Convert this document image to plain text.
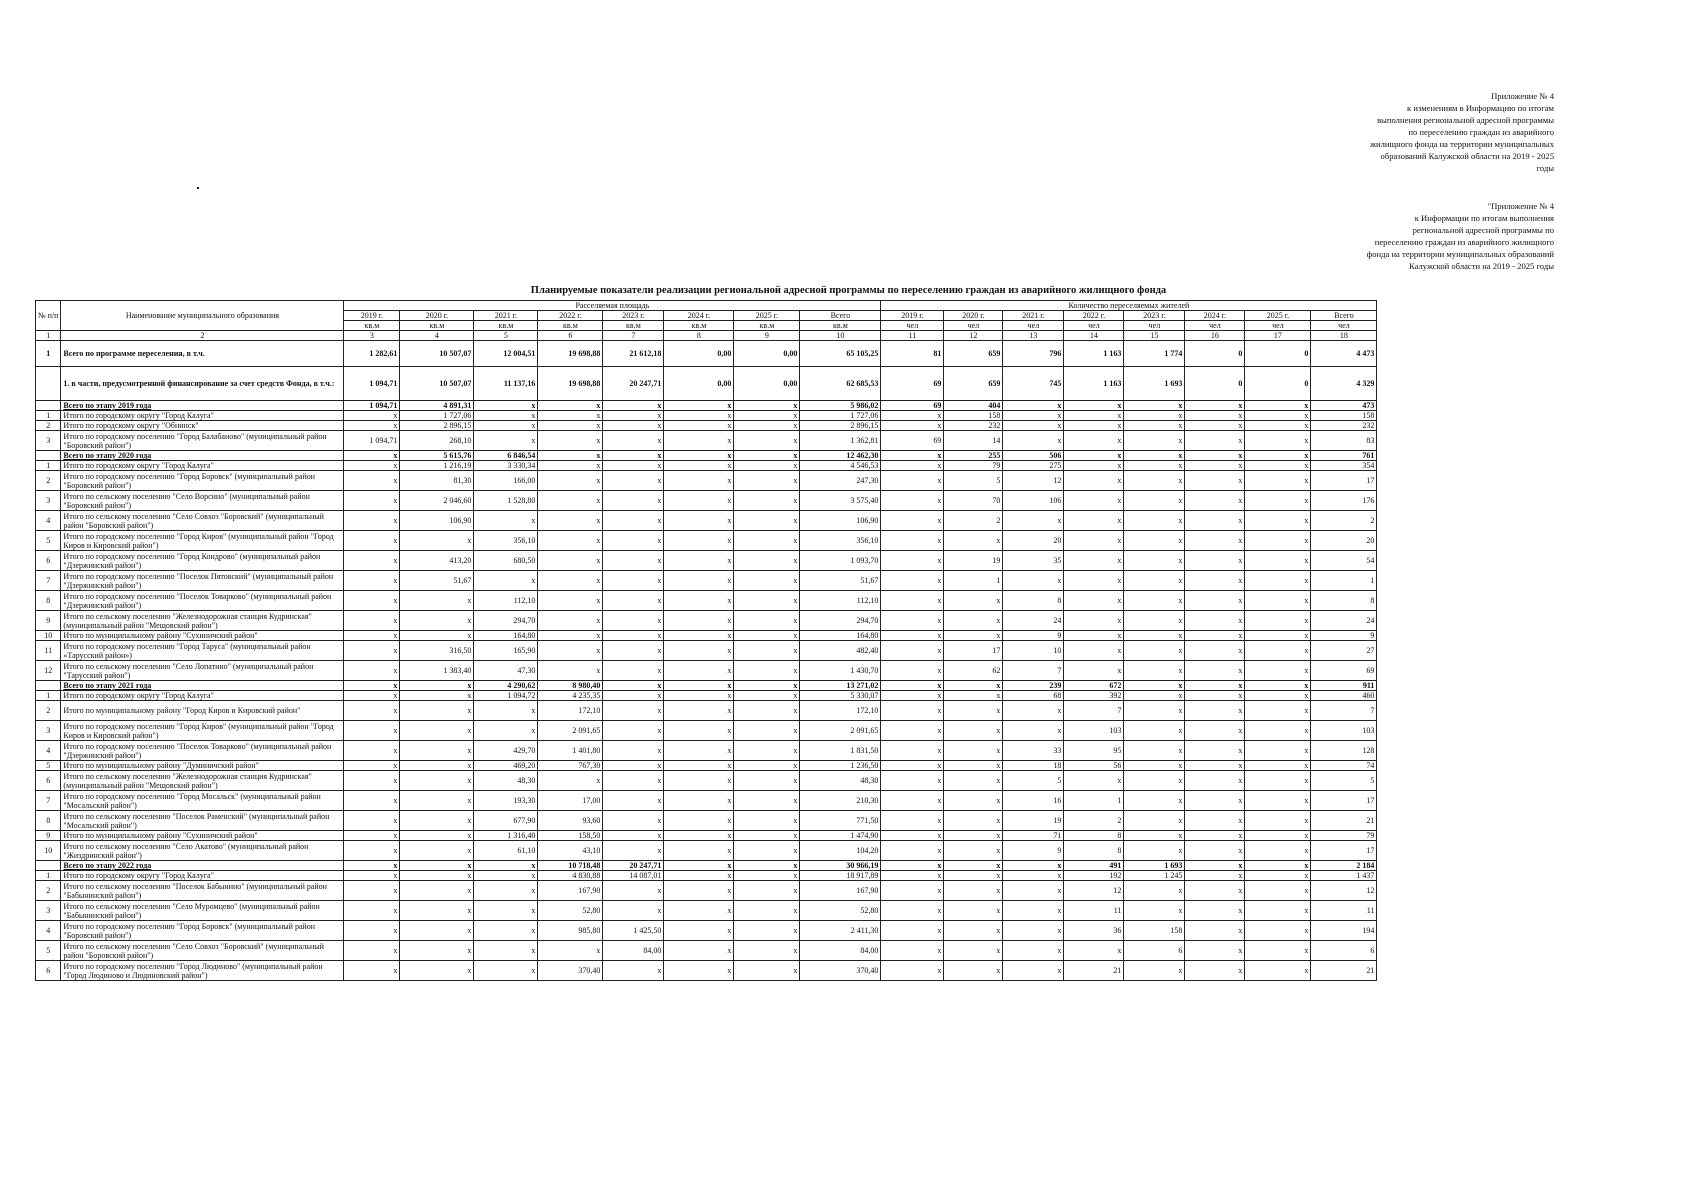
Приложение № 4
к изменениям в Информацию по итогам
выполнения региональной адресной программы
по переселению граждан из аварийного
жилищного фонда на территории муниципальных
образований Калужской области на 2019 - 2025
годы
"Приложение № 4
к Информации по итогам выполнения
региональной адресной программы по
переселению граждан из аварийного жилищного
фонда на территории муниципальных образований
Калужской области на 2019 - 2025 годы
Планируемые показатели реализации региональной адресной программы по переселению граждан из аварийного жилищного фонда
№ п/п	Наименование муниципального образования	Расселяемая площадь								Количество переселяемых жителей							
		2019 г.	2020 г.	2021 г.	2022 г.	2023 г.	2024 г.	2025 г.	Всего	2019 г.	2020 г.	2021 г.	2022 г.	2023 г.	2024 г.	2025 г.	Всего
		кв.м	кв.м	кв.м	кв.м	кв.м	кв.м	кв.м	кв.м	чел	чел	чел	чел	чел	чел	чел	чел
1	2	3	4	5	6	7	8	9	10	11	12	13	14	15	16	17	18
1	Всего по программе переселения, в т.ч.	1 282,61	10 507,07	12 004,51	19 698,88	21 612,18	0,00	0,00	65 105,25	81	659	796	1 163	1 774	0	0	4 473
	1. в части, предусмотренной финансирование за счет средств Фонда, в т.ч.:	1 094,71	10 507,07	11 137,16	19 698,88	20 247,71	0,00	0,00	62 685,53	69	659	745	1 163	1 693	0	0	4 329
	Всего по этапу 2019 года	1 094,71	4 891,31	x	x	x	x	x	5 986,02	69	404	x	x	x	x	x	473
1	Итого по городскому округу "Город Калуга"	x	1 727,06	x	x	x	x	x	1 727,06	x	158	x	x	x	x	x	158
2	Итого по городскому округу "Обнинск"	x	2 896,15	x	x	x	x	x	2 896,15	x	232	x	x	x	x	x	232
3	Итого по городскому поселению "Город Балабаново" (муниципальный район "Боровский район")	1 094,71	268,10	x	x	x	x	x	1 362,81	69	14	x	x	x	x	x	83
	Всего по этапу 2020 года	x	5 615,76	6 846,54	x	x	x	x	12 462,30	x	255	506	x	x	x	x	761
1	Итого по городскому округу "Город Калуга"	x	1 216,19	3 330,34	x	x	x	x	4 546,53	x	79	275	x	x	x	x	354
2	Итого по городскому поселению "Город Боровск" (муниципальный район "Боровский район")	x	81,30	166,00	x	x	x	x	247,30	x	5	12	x	x	x	x	17
3	Итого по сельскому поселению "Село Ворсино" (муниципальный район "Боровский район")	x	2 046,60	1 528,80	x	x	x	x	3 575,40	x	70	106	x	x	x	x	176
4	Итого по сельскому поселению "Село Совхоз "Боровский" (муниципальный район "Боровский район")	x	106,90	x	x	x	x	x	106,90	x	2	x	x	x	x	x	2
5	Итого по городскому поселению "Город Киров" (муниципальный район "Город Киров и Кировский район")	x	x	356,10	x	x	x	x	356,10	x	x	20	x	x	x	x	20
6	Итого по городскому поселению "Город Кондрово" (муниципальный район "Дзержинский район")	x	413,20	680,50	x	x	x	x	1 093,70	x	19	35	x	x	x	x	54
7	Итого по городскому поселению "Поселок Пятовский" (муниципальный район "Дзержинский район")	x	51,67	x	x	x	x	x	51,67	x	1	x	x	x	x	x	1
8	Итого по городскому поселению "Поселок Товарково" (муниципальный район "Дзержинский район")	x	x	112,10	x	x	x	x	112,10	x	x	8	x	x	x	x	8
9	Итого по сельскому поселению "Железнодорожная станция Кудринская" (муниципальный район "Мещовский район")	x	x	294,70	x	x	x	x	294,70	x	x	24	x	x	x	x	24
10	Итого по муниципальному району "Сухиничский район"	x	x	164,80	x	x	x	x	164,80	x	x	9	x	x	x	x	9
11	Итого по городскому поселению "Город Таруса" (муниципальный район «Тарусский район»)	x	316,50	165,90	x	x	x	x	482,40	x	17	10	x	x	x	x	27
12	Итого по сельскому поселению "Село Лопатино" (муниципальный район "Тарусский район")	x	1 383,40	47,30	x	x	x	x	1 430,70	x	62	7	x	x	x	x	69
	Всего по этапу 2021 года	x	x	4 290,62	8 980,40	x	x	x	13 271,02	x	x	239	672	x	x	x	911
1	Итого по городскому округу "Город Калуга"	x	x	1 094,72	4 235,35	x	x	x	5 330,07	x	x	68	392	x	x	x	460
2	Итого по муниципальному району "Город Киров и Кировский район"	x	x	x	172,10	x	x	x	172,10	x	x	x	7	x	x	x	7
3	Итого по городскому поселению "Город Киров" (муниципальный район "Город Киров и Кировский район")	x	x	x	2 091,65	x	x	x	2 091,65	x	x	x	103	x	x	x	103
4	Итого по городскому поселению "Поселок Товарково" (муниципальный район "Дзержинский район")	x	x	429,70	1 401,80	x	x	x	1 831,50	x	x	33	95	x	x	x	128
5	Итого по муниципальному району "Думиничский район"	x	x	469,20	767,30	x	x	x	1 236,50	x	x	18	56	x	x	x	74
6	Итого по сельскому поселению "Железнодорожная станция Кудринская" (муниципальный район "Мещовский район")	x	x	48,30	x	x	x	x	48,30	x	x	5	x	x	x	x	5
7	Итого по городскому поселению "Город Мосальск" (муниципальный район "Мосальский район")	x	x	193,30	17,00	x	x	x	210,30	x	x	16	1	x	x	x	17
8	Итого по сельскому поселению "Поселок Раменский" (муниципальный район "Мосальский район")	x	x	677,90	93,60	x	x	x	771,50	x	x	19	2	x	x	x	21
9	Итого по муниципальному району "Сухиничский район"	x	x	1 316,40	158,50	x	x	x	1 474,90	x	x	71	8	x	x	x	79
10	Итого по сельскому поселению "Село Акатово" (муниципальный район "Жиздринский район")	x	x	61,10	43,10	x	x	x	104,20	x	x	9	8	x	x	x	17
	Всего по этапу 2022 года	x	x	x	10 718,48	20 247,71	x	x	30 966,19	x	x	x	491	1 693	x	x	2 184
1	Итого по городскому округу "Город Калуга"	x	x	x	4 830,88	14 087,01	x	x	18 917,89	x	x	x	192	1 245	x	x	1 437
2	Итого по сельскому поселению "Поселок Бабынино" (муниципальный район "Бабынинский район")	x	x	x	167,90	x	x	x	167,90	x	x	x	12	x	x	x	12
3	Итого по сельскому поселению "Село Муромцево" (муниципальный район "Бабынинский район")	x	x	x	52,80	x	x	x	52,80	x	x	x	11	x	x	x	11
4	Итого по городскому поселению "Город Боровск" (муниципальный район "Боровский район")	x	x	x	985,80	1 425,50	x	x	2 411,30	x	x	x	36	158	x	x	194
5	Итого по сельскому поселению "Село Совхоз "Боровский" (муниципальный район "Боровский район")	x	x	x	x	84,00	x	x	84,00	x	x	x	x	6	x	x	6
6	Итого по городскому поселению "Город Людиново" (муниципальный район "Город Людиново и Людиновский район")	x	x	x	370,40	x	x	x	370,40	x	x	x	21	x	x	x	21
